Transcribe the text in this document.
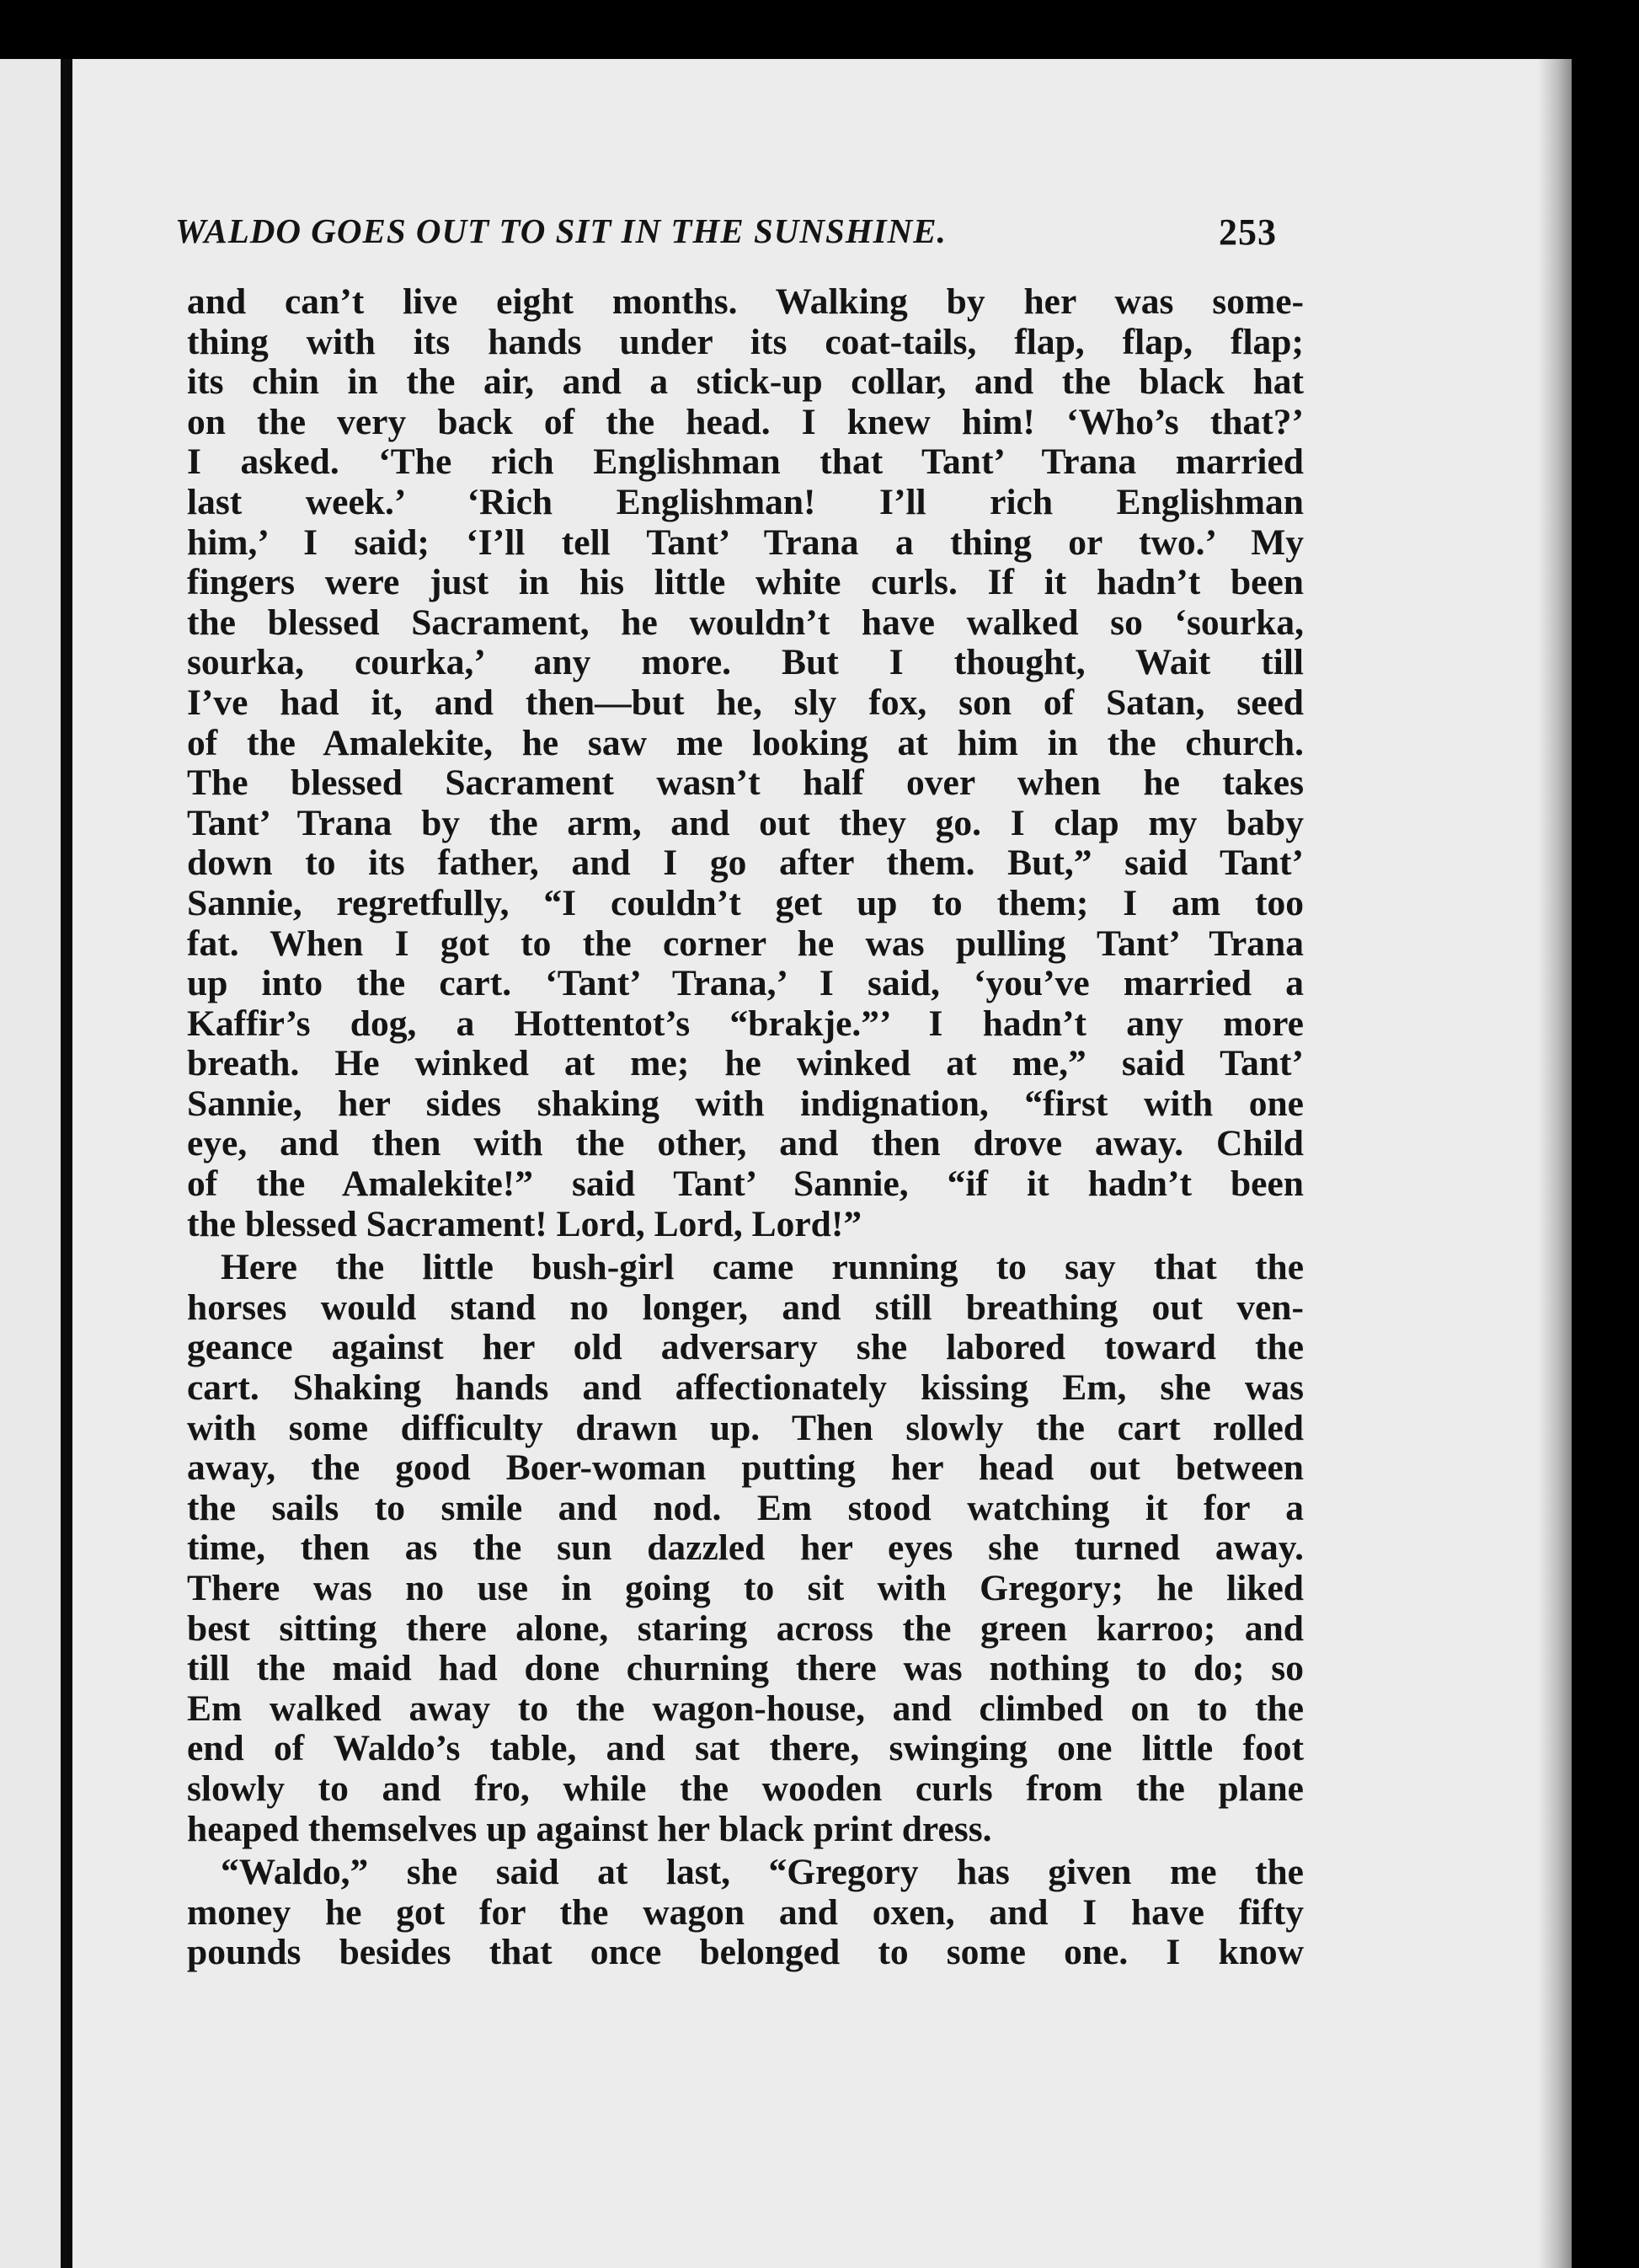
WALDO GOES OUT TO SIT IN THE SUNSHINE.	253
and can’t live eight months. Walking by her was some-
thing with its hands under its coat-tails, flap, flap, flap;
its chin in the air, and a stick-up collar, and the black hat
on the very back of the head. I knew him! ‘Who’s that?’
I asked. ‘The rich Englishman that Tant’ Trana married
last week.’ ‘Rich Englishman! I’ll rich Englishman
him,’ I said; ‘I’ll tell Tant’ Trana a thing or two.’ My
fingers were just in his little white curls. If it hadn’t been
the blessed Sacrament, he wouldn’t have walked so ‘sourka,
sourka, courka,’ any more. But I thought, Wait till
I’ve had it, and then—but he, sly fox, son of Satan, seed
of the Amalekite, he saw me looking at him in the church.
The blessed Sacrament wasn’t half over when he takes
Tant’ Trana by the arm, and out they go. I clap my baby
down to its father, and I go after them. But,” said Tant’
Sannie, regretfully, “I couldn’t get up to them; I am too
fat. When I got to the corner he was pulling Tant’ Trana
up into the cart. ‘Tant’ Trana,’ I said, ‘you’ve married a
Kaffir’s dog, a Hottentot’s “brakje.”’ I hadn’t any more
breath. He winked at me; he winked at me,” said Tant’
Sannie, her sides shaking with indignation, “first with one
eye, and then with the other, and then drove away. Child
of the Amalekite!” said Tant’ Sannie, “if it hadn’t been
the blessed Sacrament! Lord, Lord, Lord!”
Here the little bush-girl came running to say that the
horses would stand no longer, and still breathing out ven-
geance against her old adversary she labored toward the
cart. Shaking hands and affectionately kissing Em, she was
with some difficulty drawn up. Then slowly the cart rolled
away, the good Boer-woman putting her head out between
the sails to smile and nod. Em stood watching it for a
time, then as the sun dazzled her eyes she turned away.
There was no use in going to sit with Gregory; he liked
best sitting there alone, staring across the green karroo; and
till the maid had done churning there was nothing to do; so
Em walked away to the wagon-house, and climbed on to the
end of Waldo’s table, and sat there, swinging one little foot
slowly to and fro, while the wooden curls from the plane
heaped themselves up against her black print dress.
“Waldo,” she said at last, “Gregory has given me the
money he got for the wagon and oxen, and I have fifty
pounds besides that once belonged to some one. I know
